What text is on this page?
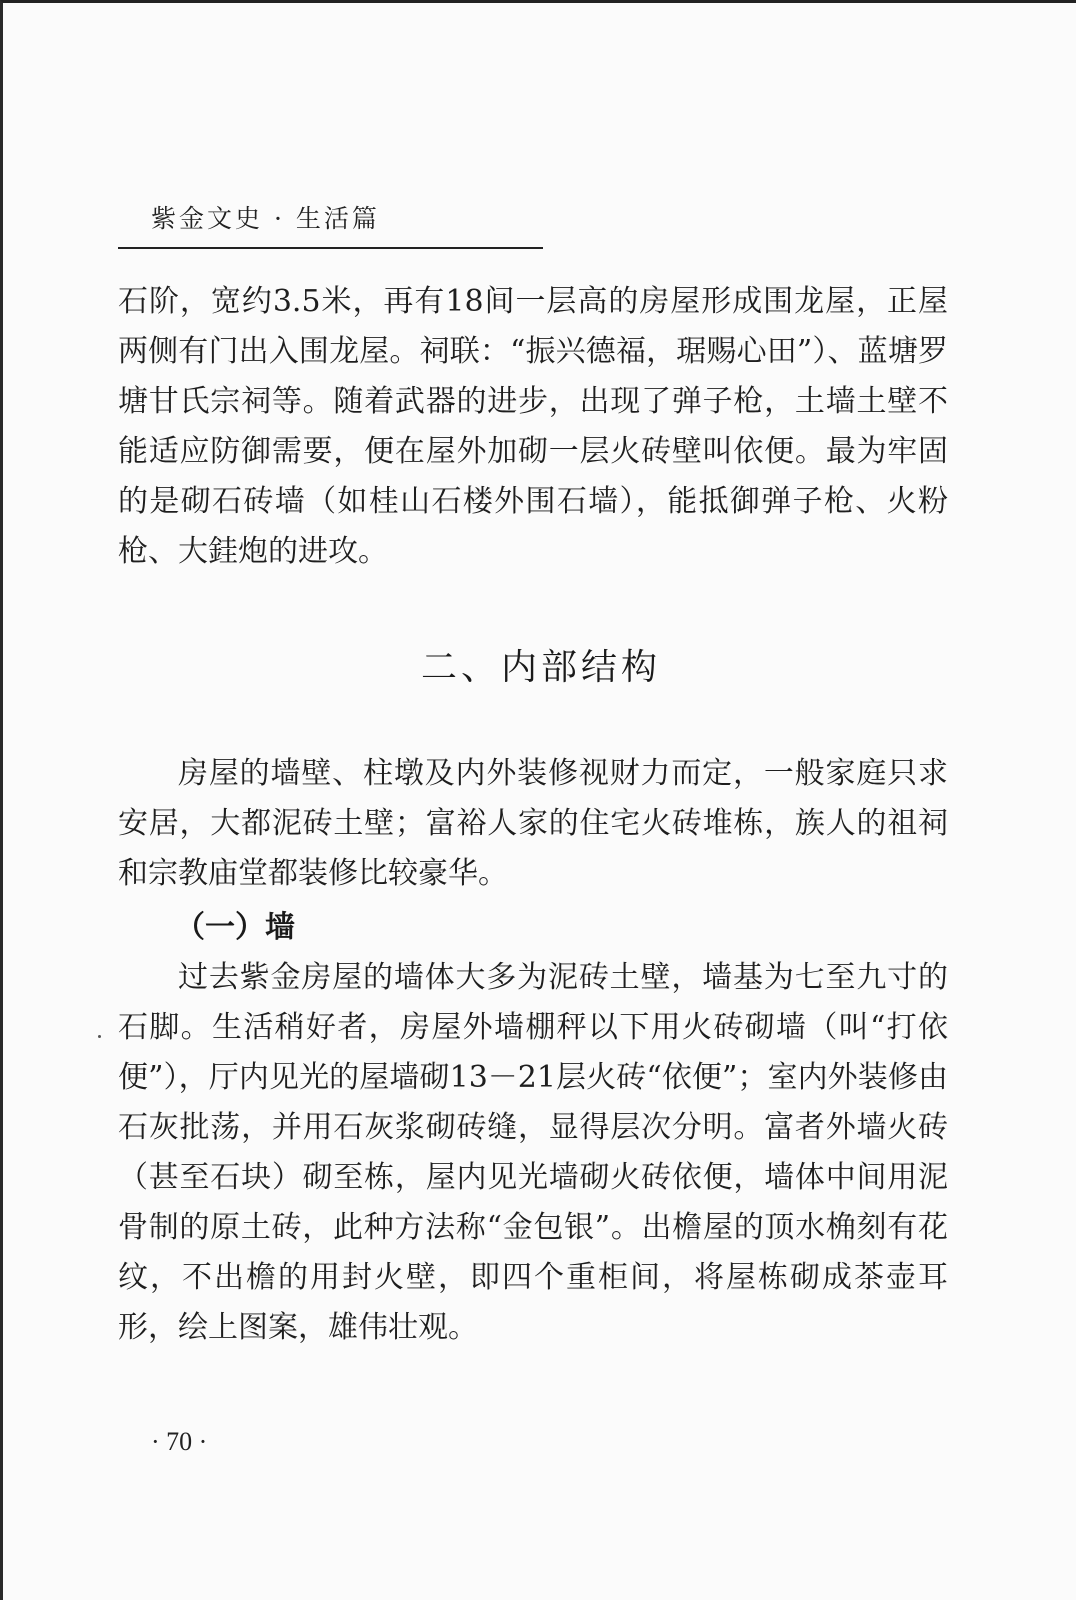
紫金文史 · 生活篇

石阶，宽约3.5米，再有18间一层高的房屋形成围龙屋，正屋两侧有门出入围龙屋。祠联：“振兴德福，琚赐心田”）、蓝塘罗塘甘氏宗祠等。随着武器的进步，出现了弹子枪，土墙土壁不能适应防御需要，便在屋外加砌一层火砖壁叫依便。最为牢固的是砌石砖墙（如桂山石楼外围石墙），能抵御弹子枪、火粉枪、大銈炮的进攻。

二、内部结构

房屋的墙壁、柱墩及内外装修视财力而定，一般家庭只求安居，大都泥砖土壁；富裕人家的住宅火砖堆栋，族人的祖祠和宗教庙堂都装修比较豪华。

（一）墙

过去紫金房屋的墙体大多为泥砖土壁，墙基为七至九寸的石脚。生活稍好者，房屋外墙棚秤以下用火砖砌墙（叫“打依便”），厅内见光的屋墙砌13－21层火砖“依便”；室内外装修由石灰批荡，并用石灰浆砌砖缝，显得层次分明。富者外墙火砖（甚至石块）砌至栋，屋内见光墙砌火砖依便，墙体中间用泥骨制的原土砖，此种方法称“金包银”。出檐屋的顶水桷刻有花纹，不出檐的用封火壁，即四个重柜间，将屋栋砌成茶壶耳形，绘上图案，雄伟壮观。

· 70 ·
